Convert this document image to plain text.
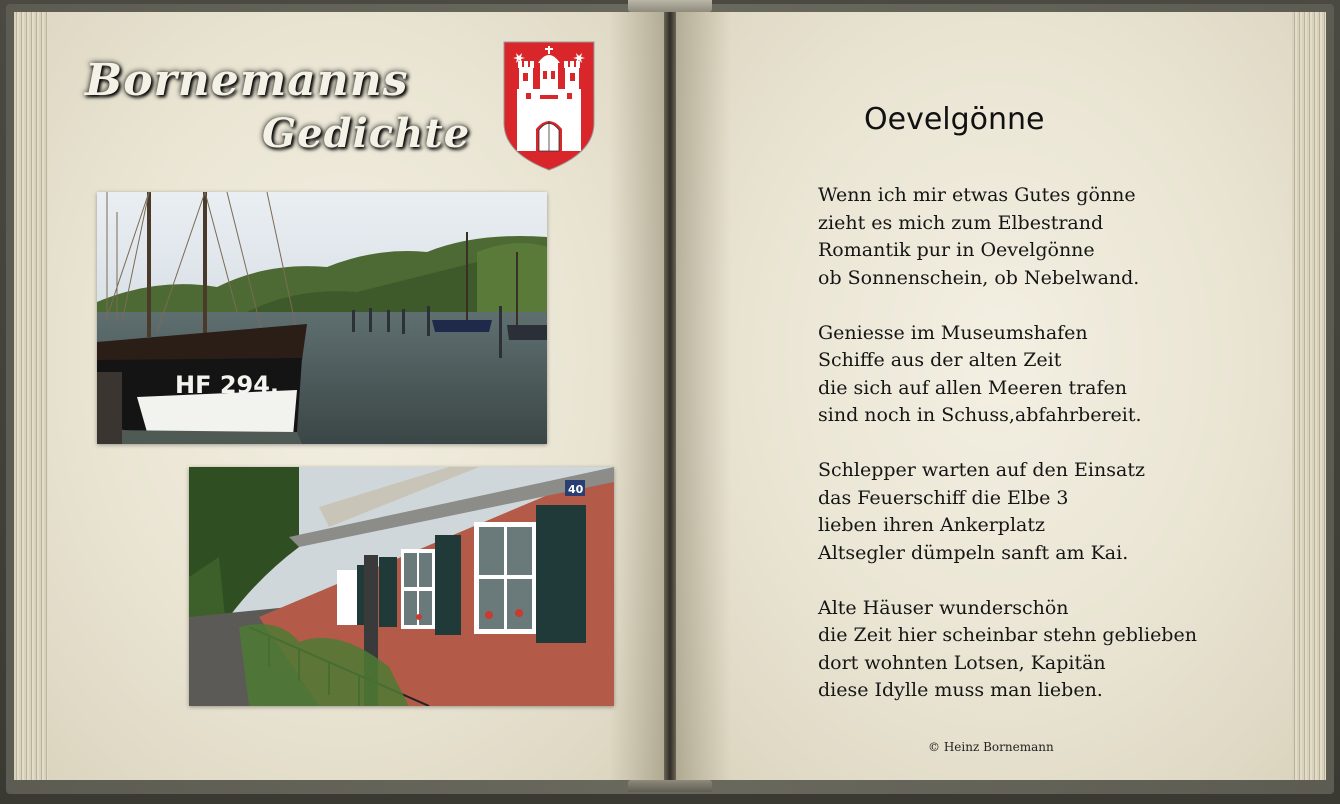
Bornemanns
Gedichte
HF 294.
40
Oevelgönne
Wenn ich mir etwas Gutes gönne
zieht es mich zum Elbestrand
Romantik pur in Oevelgönne
ob Sonnenschein, ob Nebelwand.
Geniesse im Museumshafen
Schiffe aus der alten Zeit
die sich auf allen Meeren trafen
sind noch in Schuss,abfahrbereit.
Schlepper warten auf den Einsatz
das Feuerschiff die Elbe 3
lieben ihren Ankerplatz
Altsegler dümpeln sanft am Kai.
Alte Häuser wunderschön
die Zeit hier scheinbar stehn geblieben
dort wohnten Lotsen, Kapitän
diese Idylle muss man lieben.
© Heinz Bornemann
